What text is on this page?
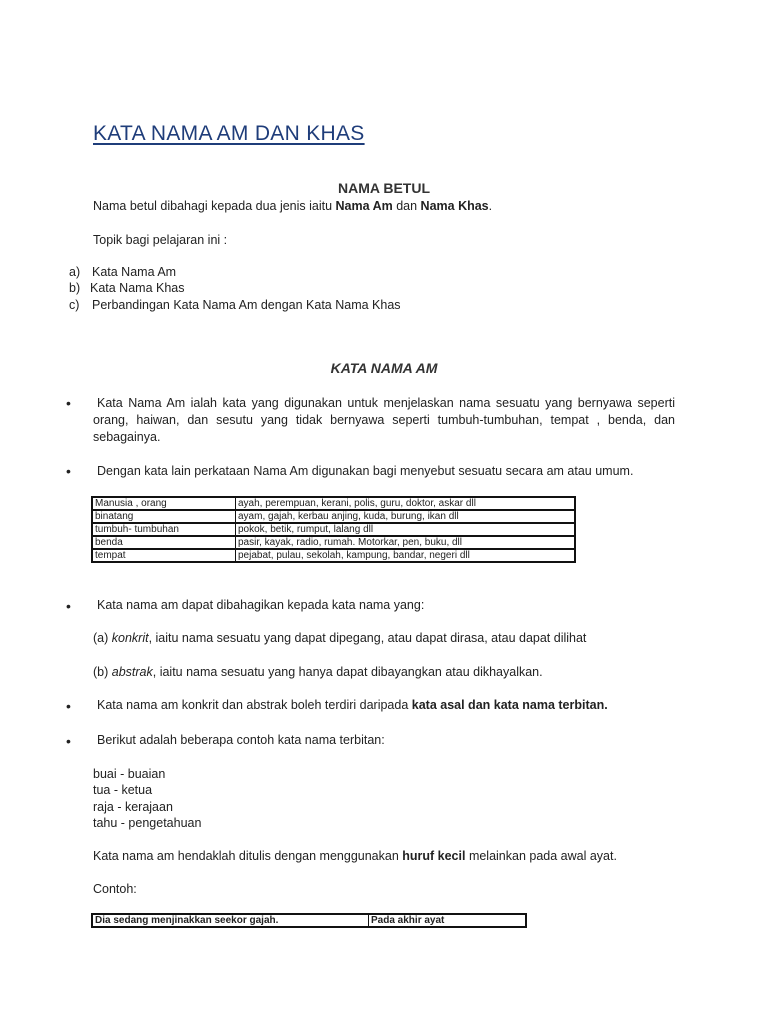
KATA NAMA AM DAN KHAS
NAMA BETUL
Nama betul dibahagi kepada dua jenis iaitu Nama Am dan Nama Khas.
Topik bagi pelajaran ini :
a) Kata Nama Am
b) Kata Nama Khas
c) Perbandingan Kata Nama Am dengan Kata Nama Khas
KATA NAMA AM
•	Kata Nama Am ialah kata yang digunakan untuk menjelaskan nama sesuatu yang bernyawa seperti orang, haiwan, dan sesutu yang tidak bernyawa seperti tumbuh-tumbuhan, tempat , benda, dan sebagainya.
• Dengan kata lain perkataan Nama Am digunakan bagi menyebut sesuatu secara am atau umum.
Manusia , orang	ayah, perempuan, kerani, polis, guru, doktor, askar dll
binatang	ayam, gajah, kerbau anjing, kuda, burung, ikan dll
tumbuh- tumbuhan	pokok, betik, rumput, lalang dll
benda	pasir, kayak, radio, rumah. Motorkar, pen, buku, dll
tempat	pejabat, pulau, sekolah, kampung, bandar, negeri dll
• Kata nama am dapat dibahagikan kepada kata nama yang:
(a) konkrit, iaitu nama sesuatu yang dapat dipegang, atau dapat dirasa, atau dapat dilihat
(b) abstrak, iaitu nama sesuatu yang hanya dapat dibayangkan atau dikhayalkan.
• Kata nama am konkrit dan abstrak boleh terdiri daripada kata asal dan kata nama terbitan.
• Berikut adalah beberapa contoh kata nama terbitan:
buai - buaian
tua - ketua
raja - kerajaan
tahu - pengetahuan
Kata nama am hendaklah ditulis dengan menggunakan huruf kecil melainkan pada awal ayat.
Contoh:
Dia sedang menjinakkan seekor gajah.	Pada akhir ayat
